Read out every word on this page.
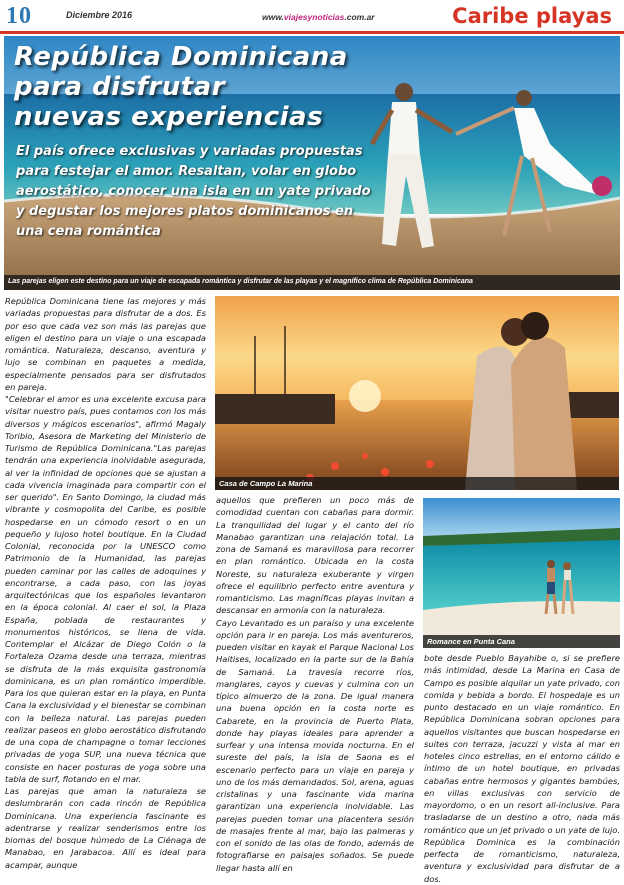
10	Diciembre 2016	www.viajesynoticias.com.ar	Caribe playas
República Dominicana
para disfrutar
nuevas experiencias
El país ofrece exclusivas y variadas propuestas para festejar el amor. Resaltan, volar en globo aerostático, conocer una isla en un yate privado y degustar los mejores platos dominicanos en una cena romántica
Las parejas eligen este destino para un viaje de escapada romántica y disfrutar de las playas y el magnífico clima de República Dominicana

República Dominicana tiene las mejores y más variadas propuestas para disfrutar de a dos. Es por eso que cada vez son más las parejas que eligen el destino para un viaje o una escapada romántica. Naturaleza, descanso, aventura y lujo se combinan en paquetes a medida, especialmente pensados para ser disfrutados en pareja.

"Celebrar el amor es una excelente excusa para visitar nuestro país, pues contamos con los más diversos y mágicos escenarios", afirmó Magaly Toribio, Asesora de Marketing del Ministerio de Turismo de República Dominicana."Las parejas tendrán una experiencia inolvidable asegurada, al ver la infinidad de opciones que se ajustan a cada vivencia imaginada para compartir con el ser querido". En Santo Domingo, la ciudad más vibrante y cosmopolita del Caribe, es posible hospedarse en un cómodo resort o en un pequeño y lujoso hotel boutique. En la Ciudad Colonial, reconocida por la UNESCO como Patrimonio de la Humanidad, las parejas pueden caminar por las calles de adoquines y encontrarse, a cada paso, con las joyas arquitectónicas que los españoles levantaron en la época colonial. Al caer el sol, la Plaza España, poblada de restaurantes y monumentos históricos, se llena de vida. Contemplar el Alcázar de Diego Colón o la Fortaleza Ozama desde una terraza, mientras se disfruta de la más exquisita gastronomía dominicana, es un plan romántico imperdible. Para los que quieran estar en la playa, en Punta Cana la exclusividad y el bienestar se combinan con la belleza natural. Las parejas pueden realizar paseos en globo aerostático disfrutando de una copa de champagne o tomar lecciones privadas de yoga SUP, una nueva técnica que consiste en hacer posturas de yoga sobre una tabla de surf, flotando en el mar.

Las parejas que aman la naturaleza se deslumbrarán con cada rincón de República Dominicana. Una experiencia fascinante es adentrarse y realizar senderismos entre los biomas del bosque húmedo de La Ciénaga de Manabao, en Jarabacoa. Allí es ideal para acampar, aunque

Casa de Campo La Marina

aquellos que prefieren un poco más de comodidad cuentan con cabañas para dormir. La tranquilidad del lugar y el canto del río Manabao garantizan una relajación total. La zona de Samaná es maravillosa para recorrer en plan romántico. Ubicada en la costa Noreste, su naturaleza exuberante y virgen ofrece el equilibrio perfecto entre aventura y romanticismo. Las magníficas playas invitan a descansar en armonía con la naturaleza.

Cayo Levantado es un paraíso y una excelente opción para ir en pareja. Los más aventureros, pueden visitar en kayak el Parque Nacional Los Haitises, localizado en la parte sur de la Bahía de Samaná. La travesía recorre ríos, manglares, cayos y cuevas y culmina con un típico almuerzo de la zona. De igual manera una buena opción en la costa norte es Cabarete, en la provincia de Puerto Plata, donde hay playas ideales para aprender a surfear y una intensa movida nocturna. En el sureste del país, la isla de Saona es el escenario perfecto para un viaje en pareja y uno de los más demandados. Sol, arena, aguas cristalinas y una fascinante vida marina garantizan una experiencia inolvidable. Las parejas pueden tomar una placentera sesión de masajes frente al mar, bajo las palmeras y con el sonido de las olas de fondo, además de fotografiarse en paisajes soñados. Se puede llegar hasta allí en

Romance en Punta Cana

bote desde Pueblo Bayahibe o, si se prefiere más intimidad, desde La Marina en Casa de Campo es posible alquilar un yate privado, con comida y bebida a bordo. El hospedaje es un punto destacado en un viaje romántico. En República Dominicana sobran opciones para aquellos visitantes que buscan hospedarse en suites con terraza, jacuzzi y vista al mar en hoteles cinco estrellas, en el entorno cálido e íntimo de un hotel boutique, en privadas cabañas entre hermosos y gigantes bambúes, en villas exclusivas con servicio de mayordomo, o en un resort all-inclusive. Para trasladarse de un destino a otro, nada más romántico que un jet privado o un yate de lujo. República Dominica es la combinación perfecta de romanticismo, naturaleza, aventura y exclusividad para disfrutar de a dos.
